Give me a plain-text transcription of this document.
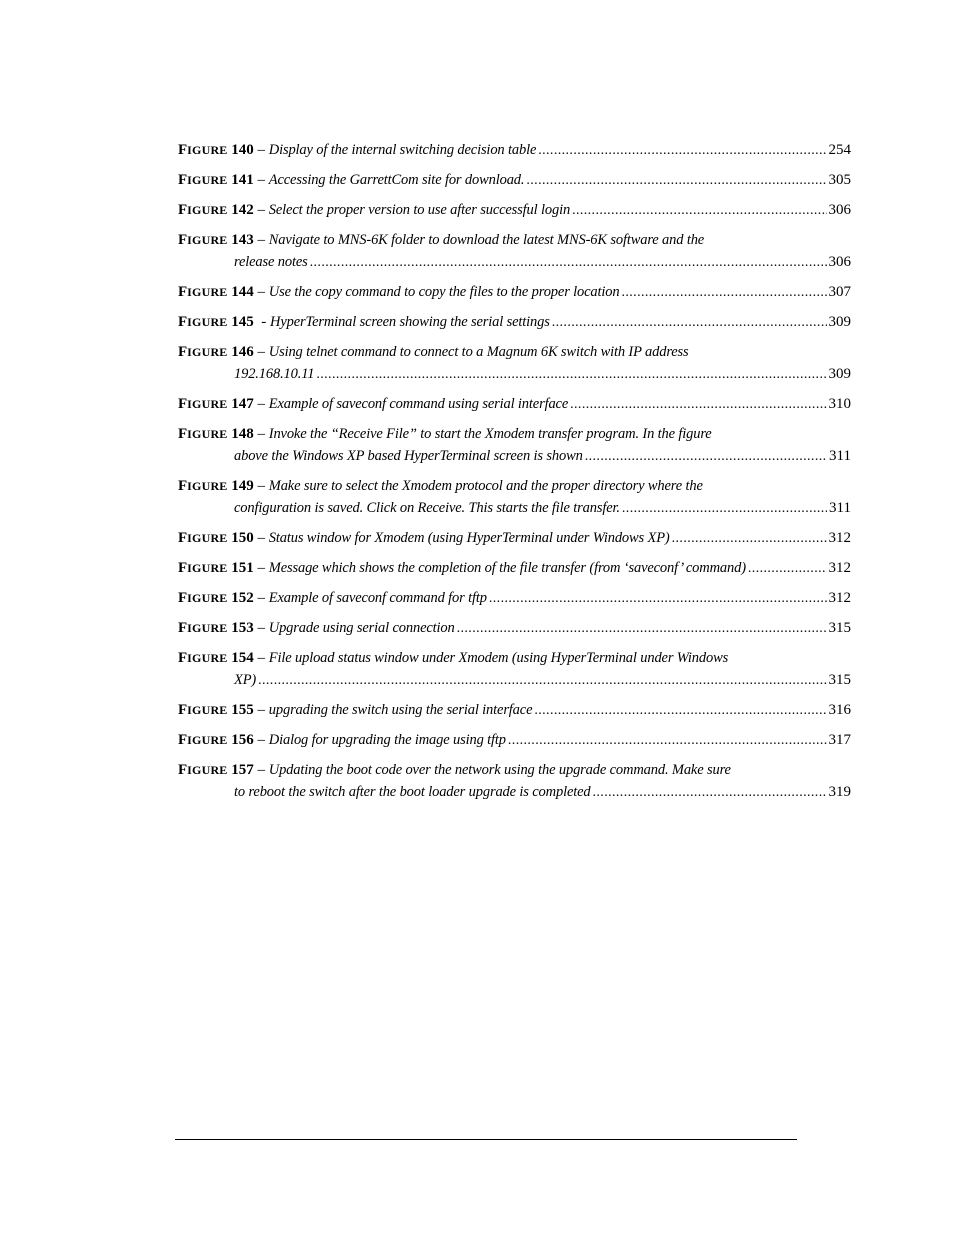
FIGURE 140 – Display of the internal switching decision table .....	254
FIGURE 141 – Accessing the GarrettCom site for download. .....	305
FIGURE 142 – Select the proper version to use after successful login .....	306
FIGURE 143 – Navigate to MNS-6K folder to download the latest MNS-6K software and the
release notes .....	306
FIGURE 144 – Use the copy command to copy the files to the proper location .....	307
FIGURE 145 - HyperTerminal screen showing the serial settings .....	309
FIGURE 146 – Using telnet command to connect to a Magnum 6K switch with IP address
192.168.10.11 .....	309
FIGURE 147 – Example of saveconf command using serial interface .....	310
FIGURE 148 – Invoke the “Receive File” to start the Xmodem transfer program. In the figure
above the Windows XP based HyperTerminal screen is shown .....	311
FIGURE 149 – Make sure to select the Xmodem protocol and the proper directory where the
configuration is saved. Click on Receive. This starts the file transfer. .....	311
FIGURE 150 – Status window for Xmodem (using HyperTerminal under Windows XP) .....	312
FIGURE 151 – Message which shows the completion of the file transfer (from ‘saveconf’ command) .....	312
FIGURE 152 – Example of saveconf command for tftp .....	312
FIGURE 153 – Upgrade using serial connection .....	315
FIGURE 154 – File upload status window under Xmodem (using HyperTerminal under Windows
XP) .....	315
FIGURE 155 – upgrading the switch using the serial interface .....	316
FIGURE 156 – Dialog for upgrading the image using tftp .....	317
FIGURE 157 – Updating the boot code over the network using the upgrade command. Make sure
to reboot the switch after the boot loader upgrade is completed .....	319
